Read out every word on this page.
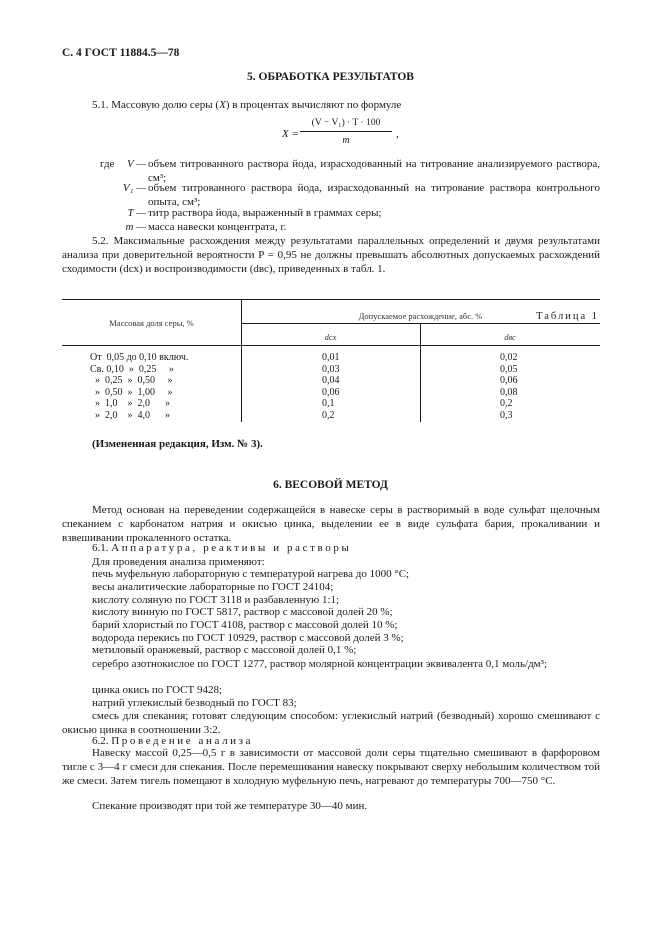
С. 4 ГОСТ 11884.5—78
5. ОБРАБОТКА РЕЗУЛЬТАТОВ
5.1. Массовую долю серы (X) в процентах вычисляют по формуле
X =
(V − V₁) · T · 100
m
,
где	V — объем титрованного раствора йода, израсходованный на титрование анализируемого раствора, см³;
V₁ — объем титрованного раствора йода, израсходованный на титрование раствора контрольного опыта, см³;
T — титр раствора йода, выраженный в граммах серы;
m — масса навески концентрата, г.
5.2. Максимальные расхождения между результатами параллельных определений и двумя результатами анализа при доверительной вероятности P = 0,95 не должны превышать абсолютных допускаемых расхождений сходимости (dсх) и воспроизводимости (dвс), приведенных в табл. 1.
Таблица 1
Массовая доля серы, %
Допускаемое расхождение, абс. %
dсх	dвс
От  0,05 до 0,10 включ.	0,01	0,02
Св. 0,10  »  0,25     »	0,03	0,05
»  0,25  »  0,50     »	0,04	0,06
»  0,50  »  1,00     »	0,06	0,08
»  1,0    »  2,0      »	0,1	0,2
»  2,0    »  4,0      »	0,2	0,3
(Измененная редакция, Изм. № 3).
6. ВЕСОВОЙ МЕТОД
Метод основан на переведении содержащейся в навеске серы в растворимый в воде сульфат щелочным спеканием с карбонатом натрия и окисью цинка, выделении ее в виде сульфата бария, прокаливании и взвешивании прокаленного остатка.
6.1. Аппаратура, реактивы и растворы
Для проведения анализа применяют:
печь муфельную лабораторную с температурой нагрева до 1000 °С;
весы аналитические лабораторные по ГОСТ 24104;
кислоту соляную по ГОСТ 3118 и разбавленную 1:1;
кислоту винную по ГОСТ 5817, раствор с массовой долей 20 %;
барий хлористый по ГОСТ 4108, раствор с массовой долей 10 %;
водорода перекись по ГОСТ 10929, раствор с массовой долей 3 %;
метиловый оранжевый, раствор с массовой долей 0,1 %;
серебро азотнокислое по ГОСТ 1277, раствор молярной концентрации эквивалента 0,1 моль/дм³;
цинка окись по ГОСТ 9428;
натрий углекислый безводный по ГОСТ 83;
смесь для спекания; готовят следующим способом: углекислый натрий (безводный) хорошо смешивают с окисью цинка в соотношении 3:2.
6.2. Проведение анализа
Навеску массой 0,25—0,5 г в зависимости от массовой доли серы тщательно смешивают в фарфоровом тигле с 3—4 г смеси для спекания. После перемешивания навеску покрывают сверху небольшим количеством той же смеси. Затем тигель помещают в холодную муфельную печь, нагревают до температуры 700—750 °С.
Спекание производят при той же температуре 30—40 мин.
